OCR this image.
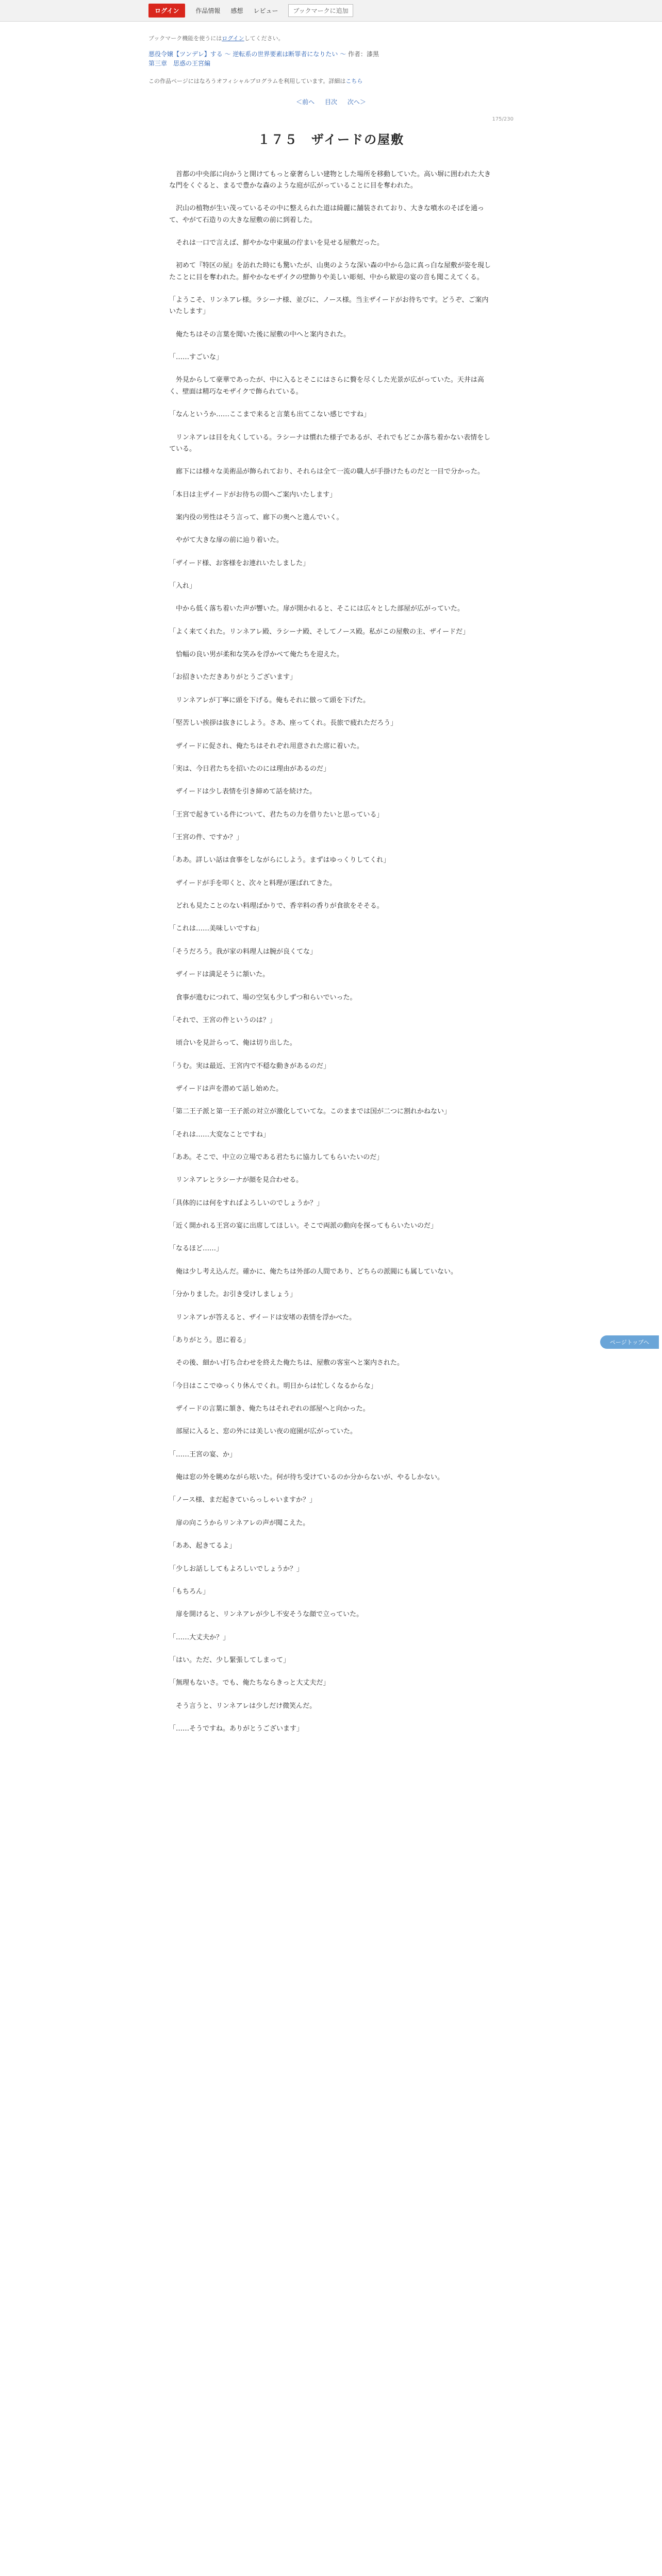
ログイン	作品情報 感想 レビュー	ブックマークに追加
ブックマーク機能を使うにはログインしてください。
悪役令嬢【ツンデレ】する ～ 逆転系の世界要素は断罪者になりたい ～ 作者：漆黒
第三章　思惑の王宮編
この作品ページにはなろうオフィシャルプログラムを利用しています。詳細はこちら
＜前へ 目次 次へ＞
175/230
１７５　ザイードの屋敷

首都の中央部に向かうと開けてもっと豪奢らしい建物とした場所を移動していた。高い塀に囲われた大きな門をくぐると、まるで豊かな森のような庭が広がっていることに目を奪われた。

沢山の植物が生い茂っているその中に整えられた道は綺麗に舗装されており、大きな噴水のそばを通って、やがて石造りの大きな屋敷の前に到着した。

それは一口で言えば、鮮やかな中東風の佇まいを見せる屋敷だった。

初めて『特区の屋』を訪れた時にも驚いたが、山奥のような深い森の中から急に真っ白な屋敷が姿を現したことに目を奪われた。鮮やかなモザイクの壁飾りや美しい彫刻、中から歓迎の宴の音も聞こえてくる。

「ようこそ、リンネアレ様。ラシーナ様、並びに、ノース様。当主ザイードがお待ちです。どうぞ、ご案内いたします」

俺たちはその言葉を聞いた後に屋敷の中へと案内された。

「……すごいな」

外見からして豪華であったが、中に入るとそこにはさらに贅を尽くした光景が広がっていた。天井は高く、壁面は精巧なモザイクで飾られている。

「なんというか……ここまで来ると言葉も出てこない感じですね」

リンネアレは目を丸くしている。ラシーナは慣れた様子であるが、それでもどこか落ち着かない表情をしている。

廊下には様々な美術品が飾られており、それらは全て一流の職人が手掛けたものだと一目で分かった。

「本日は主ザイードがお待ちの間へご案内いたします」

案内役の男性はそう言って、廊下の奥へと進んでいく。

やがて大きな扉の前に辿り着いた。

「ザイード様、お客様をお連れいたしました」

「入れ」

中から低く落ち着いた声が響いた。扉が開かれると、そこには広々とした部屋が広がっていた。

「よく来てくれた。リンネアレ殿、ラシーナ殿、そしてノース殿。私がこの屋敷の主、ザイードだ」

恰幅の良い男が柔和な笑みを浮かべて俺たちを迎えた。

「お招きいただきありがとうございます」

リンネアレが丁寧に頭を下げる。俺もそれに倣って頭を下げた。

「堅苦しい挨拶は抜きにしよう。さあ、座ってくれ。長旅で疲れただろう」

ザイードに促され、俺たちはそれぞれ用意された席に着いた。

「実は、今日君たちを招いたのには理由があるのだ」

ザイードは少し表情を引き締めて話を続けた。

「王宮で起きている件について、君たちの力を借りたいと思っている」

「王宮の件、ですか？」

「ああ。詳しい話は食事をしながらにしよう。まずはゆっくりしてくれ」

ザイードが手を叩くと、次々と料理が運ばれてきた。

どれも見たことのない料理ばかりで、香辛料の香りが食欲をそそる。

「これは……美味しいですね」

「そうだろう。我が家の料理人は腕が良くてな」

ザイードは満足そうに頷いた。

食事が進むにつれて、場の空気も少しずつ和らいでいった。

「それで、王宮の件というのは？」

頃合いを見計らって、俺は切り出した。

「うむ。実は最近、王宮内で不穏な動きがあるのだ」

ザイードは声を潜めて話し始めた。

「第二王子派と第一王子派の対立が激化していてな。このままでは国が二つに割れかねない」

「それは……大変なことですね」

「ああ。そこで、中立の立場である君たちに協力してもらいたいのだ」

リンネアレとラシーナが顔を見合わせる。

「具体的には何をすればよろしいのでしょうか？」

「近く開かれる王宮の宴に出席してほしい。そこで両派の動向を探ってもらいたいのだ」

「なるほど……」

俺は少し考え込んだ。確かに、俺たちは外部の人間であり、どちらの派閥にも属していない。

「分かりました。お引き受けしましょう」

リンネアレが答えると、ザイードは安堵の表情を浮かべた。

「ありがとう。恩に着る」

その後、細かい打ち合わせを終えた俺たちは、屋敷の客室へと案内された。

「今日はここでゆっくり休んでくれ。明日からは忙しくなるからな」

ザイードの言葉に頷き、俺たちはそれぞれの部屋へと向かった。

部屋に入ると、窓の外には美しい夜の庭園が広がっていた。

「……王宮の宴、か」

俺は窓の外を眺めながら呟いた。何が待ち受けているのか分からないが、やるしかない。

「ノース様、まだ起きていらっしゃいますか？」

扉の向こうからリンネアレの声が聞こえた。

「ああ、起きてるよ」

「少しお話ししてもよろしいでしょうか？」

「もちろん」

扉を開けると、リンネアレが少し不安そうな顔で立っていた。

「……大丈夫か？」

「はい。ただ、少し緊張してしまって」

「無理もないさ。でも、俺たちならきっと大丈夫だ」

そう言うと、リンネアレは少しだけ微笑んだ。

「……そうですね。ありがとうございます」

ページトップへ
